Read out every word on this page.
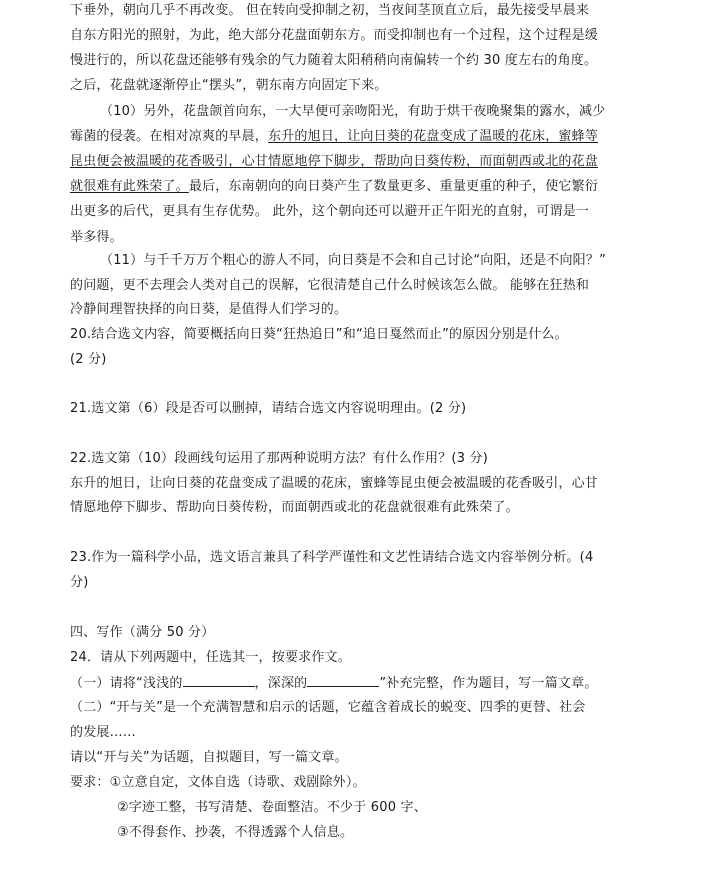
下垂外，朝向几乎不再改变。 但在转向受抑制之初，当夜间茎顶直立后，最先接受早晨来
自东方阳光的照射，为此，绝大部分花盘面朝东方。而受抑制也有一个过程，这个过程是缓
慢进行的，所以花盘还能够有残余的气力随着太阳稍稍向南偏转一个约 30 度左右的角度。
之后，花盘就逐渐停止“摆头”，朝东南方向固定下来。
（10）另外，花盘颌首向东，一大早便可亲吻阳光，有助于烘干夜晚聚集的露水，减少
霉菌的侵袭。在相对凉爽的早晨，东升的旭日，让向日葵的花盘变成了温暖的花床，蜜蜂等
昆虫便会被温暖的花香吸引，心甘情愿地停下脚步，帮助向日葵传粉，而面朝西或北的花盘
就很难有此殊荣了。最后，东南朝向的向日葵产生了数量更多、重量更重的种子，使它繁衍
出更多的后代，更具有生存优势。 此外，这个朝向还可以避开正午阳光的直射，可谓是一
举多得。
（11）与千千万万个粗心的游人不同，向日葵是不会和自己讨论“向阳，还是不向阳？”
的问题，更不去理会人类对自己的误解，它很清楚自己什么时候该怎么做。 能够在狂热和
冷静间理智抉择的向日葵，是值得人们学习的。
20.结合选文内容，简要概括向日葵“狂热追日”和“追日戛然而止”的原因分别是什么。
(2 分)
21.选文第（6）段是否可以删掉，请结合选文内容说明理由。(2 分)
22.选文第（10）段画线句运用了那两种说明方法？有什么作用？(3 分)
东升的旭日，让向日葵的花盘变成了温暖的花床，蜜蜂等昆虫便会被温暖的花香吸引，心甘
情愿地停下脚步、帮助向日葵传粉，而面朝西或北的花盘就很难有此殊荣了。
23.作为一篇科学小品，选文语言兼具了科学严谨性和文艺性请结合选文内容举例分析。(4
分)
四、写作（满分 50 分）
24．请从下列两题中，任选其一，按要求作文。
（一）请将“浅浅的	，深深的	”补充完整，作为题目，写一篇文章。
（二）“开与关”是一个充满智慧和启示的话题，它蕴含着成长的蜕变、四季的更替、社会
的发展……
请以“开与关”为话题，自拟题目，写一篇文章。
要求：①立意自定，文体自选（诗歌、戏剧除外）。
②字迹工整，书写清楚、卷面整洁。不少于 600 字、
③不得套作、抄袭，不得透露个人信息。
